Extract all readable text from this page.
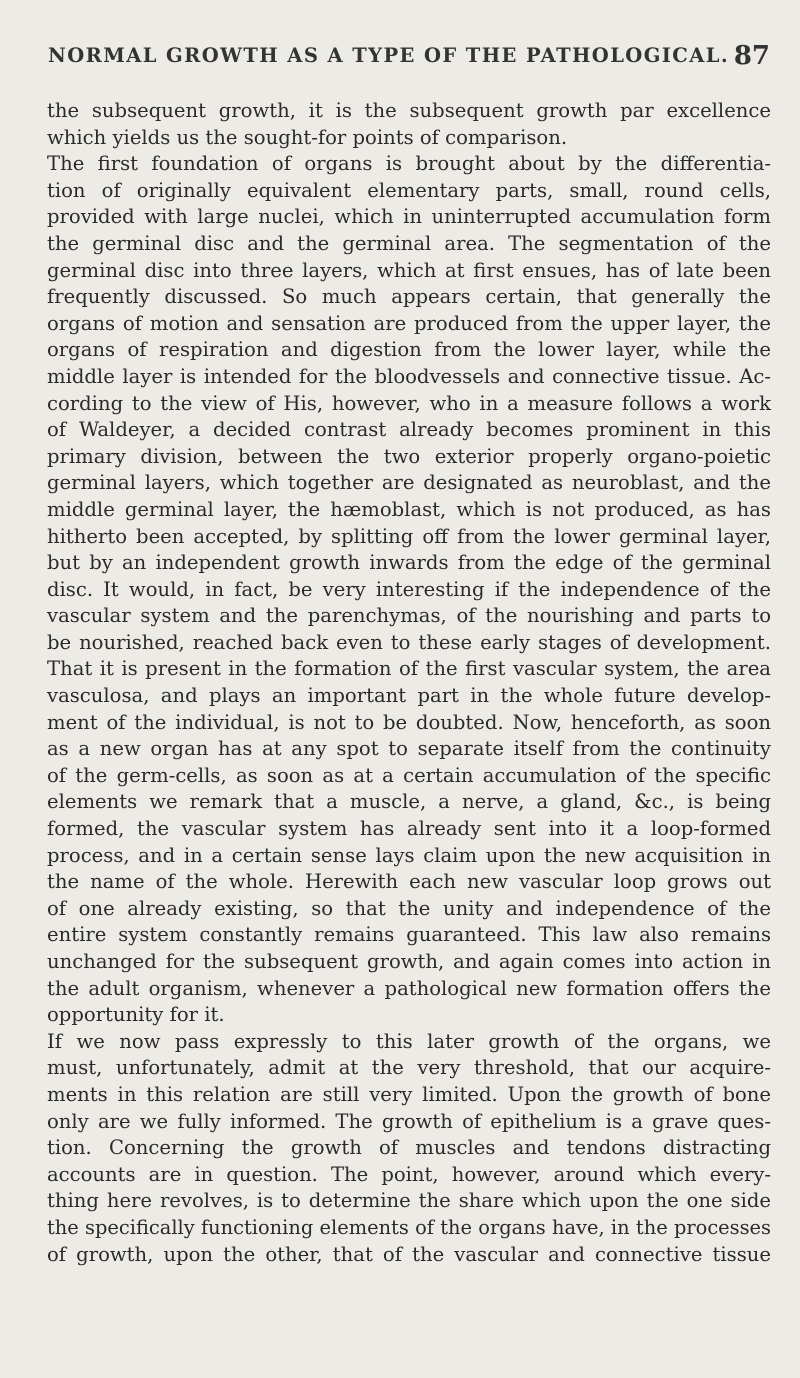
NORMAL GROWTH AS A TYPE OF THE PATHOLOGICAL. 87
the subsequent growth, it is the subsequent growth par excellence
which yields us the sought-for points of comparison.
The first foundation of organs is brought about by the differentia-
tion of originally equivalent elementary parts, small, round cells,
provided with large nuclei, which in uninterrupted accumulation form
the germinal disc and the germinal area. The segmentation of the
germinal disc into three layers, which at first ensues, has of late been
frequently discussed. So much appears certain, that generally the
organs of motion and sensation are produced from the upper layer, the
organs of respiration and digestion from the lower layer, while the
middle layer is intended for the bloodvessels and connective tissue. Ac-
cording to the view of His, however, who in a measure follows a work
of Waldeyer, a decided contrast already becomes prominent in this
primary division, between the two exterior properly organo-poietic
germinal layers, which together are designated as neuroblast, and the
middle germinal layer, the hæmoblast, which is not produced, as has
hitherto been accepted, by splitting off from the lower germinal layer,
but by an independent growth inwards from the edge of the germinal
disc. It would, in fact, be very interesting if the independence of the
vascular system and the parenchymas, of the nourishing and parts to
be nourished, reached back even to these early stages of development.
That it is present in the formation of the first vascular system, the area
vasculosa, and plays an important part in the whole future develop-
ment of the individual, is not to be doubted. Now, henceforth, as soon
as a new organ has at any spot to separate itself from the continuity
of the germ-cells, as soon as at a certain accumulation of the specific
elements we remark that a muscle, a nerve, a gland, &c., is being
formed, the vascular system has already sent into it a loop-formed
process, and in a certain sense lays claim upon the new acquisition in
the name of the whole. Herewith each new vascular loop grows out
of one already existing, so that the unity and independence of the
entire system constantly remains guaranteed. This law also remains
unchanged for the subsequent growth, and again comes into action in
the adult organism, whenever a pathological new formation offers the
opportunity for it.
If we now pass expressly to this later growth of the organs, we
must, unfortunately, admit at the very threshold, that our acquire-
ments in this relation are still very limited. Upon the growth of bone
only are we fully informed. The growth of epithelium is a grave ques-
tion. Concerning the growth of muscles and tendons distracting
accounts are in question. The point, however, around which every-
thing here revolves, is to determine the share which upon the one side
the specifically functioning elements of the organs have, in the processes
of growth, upon the other, that of the vascular and connective tissue
